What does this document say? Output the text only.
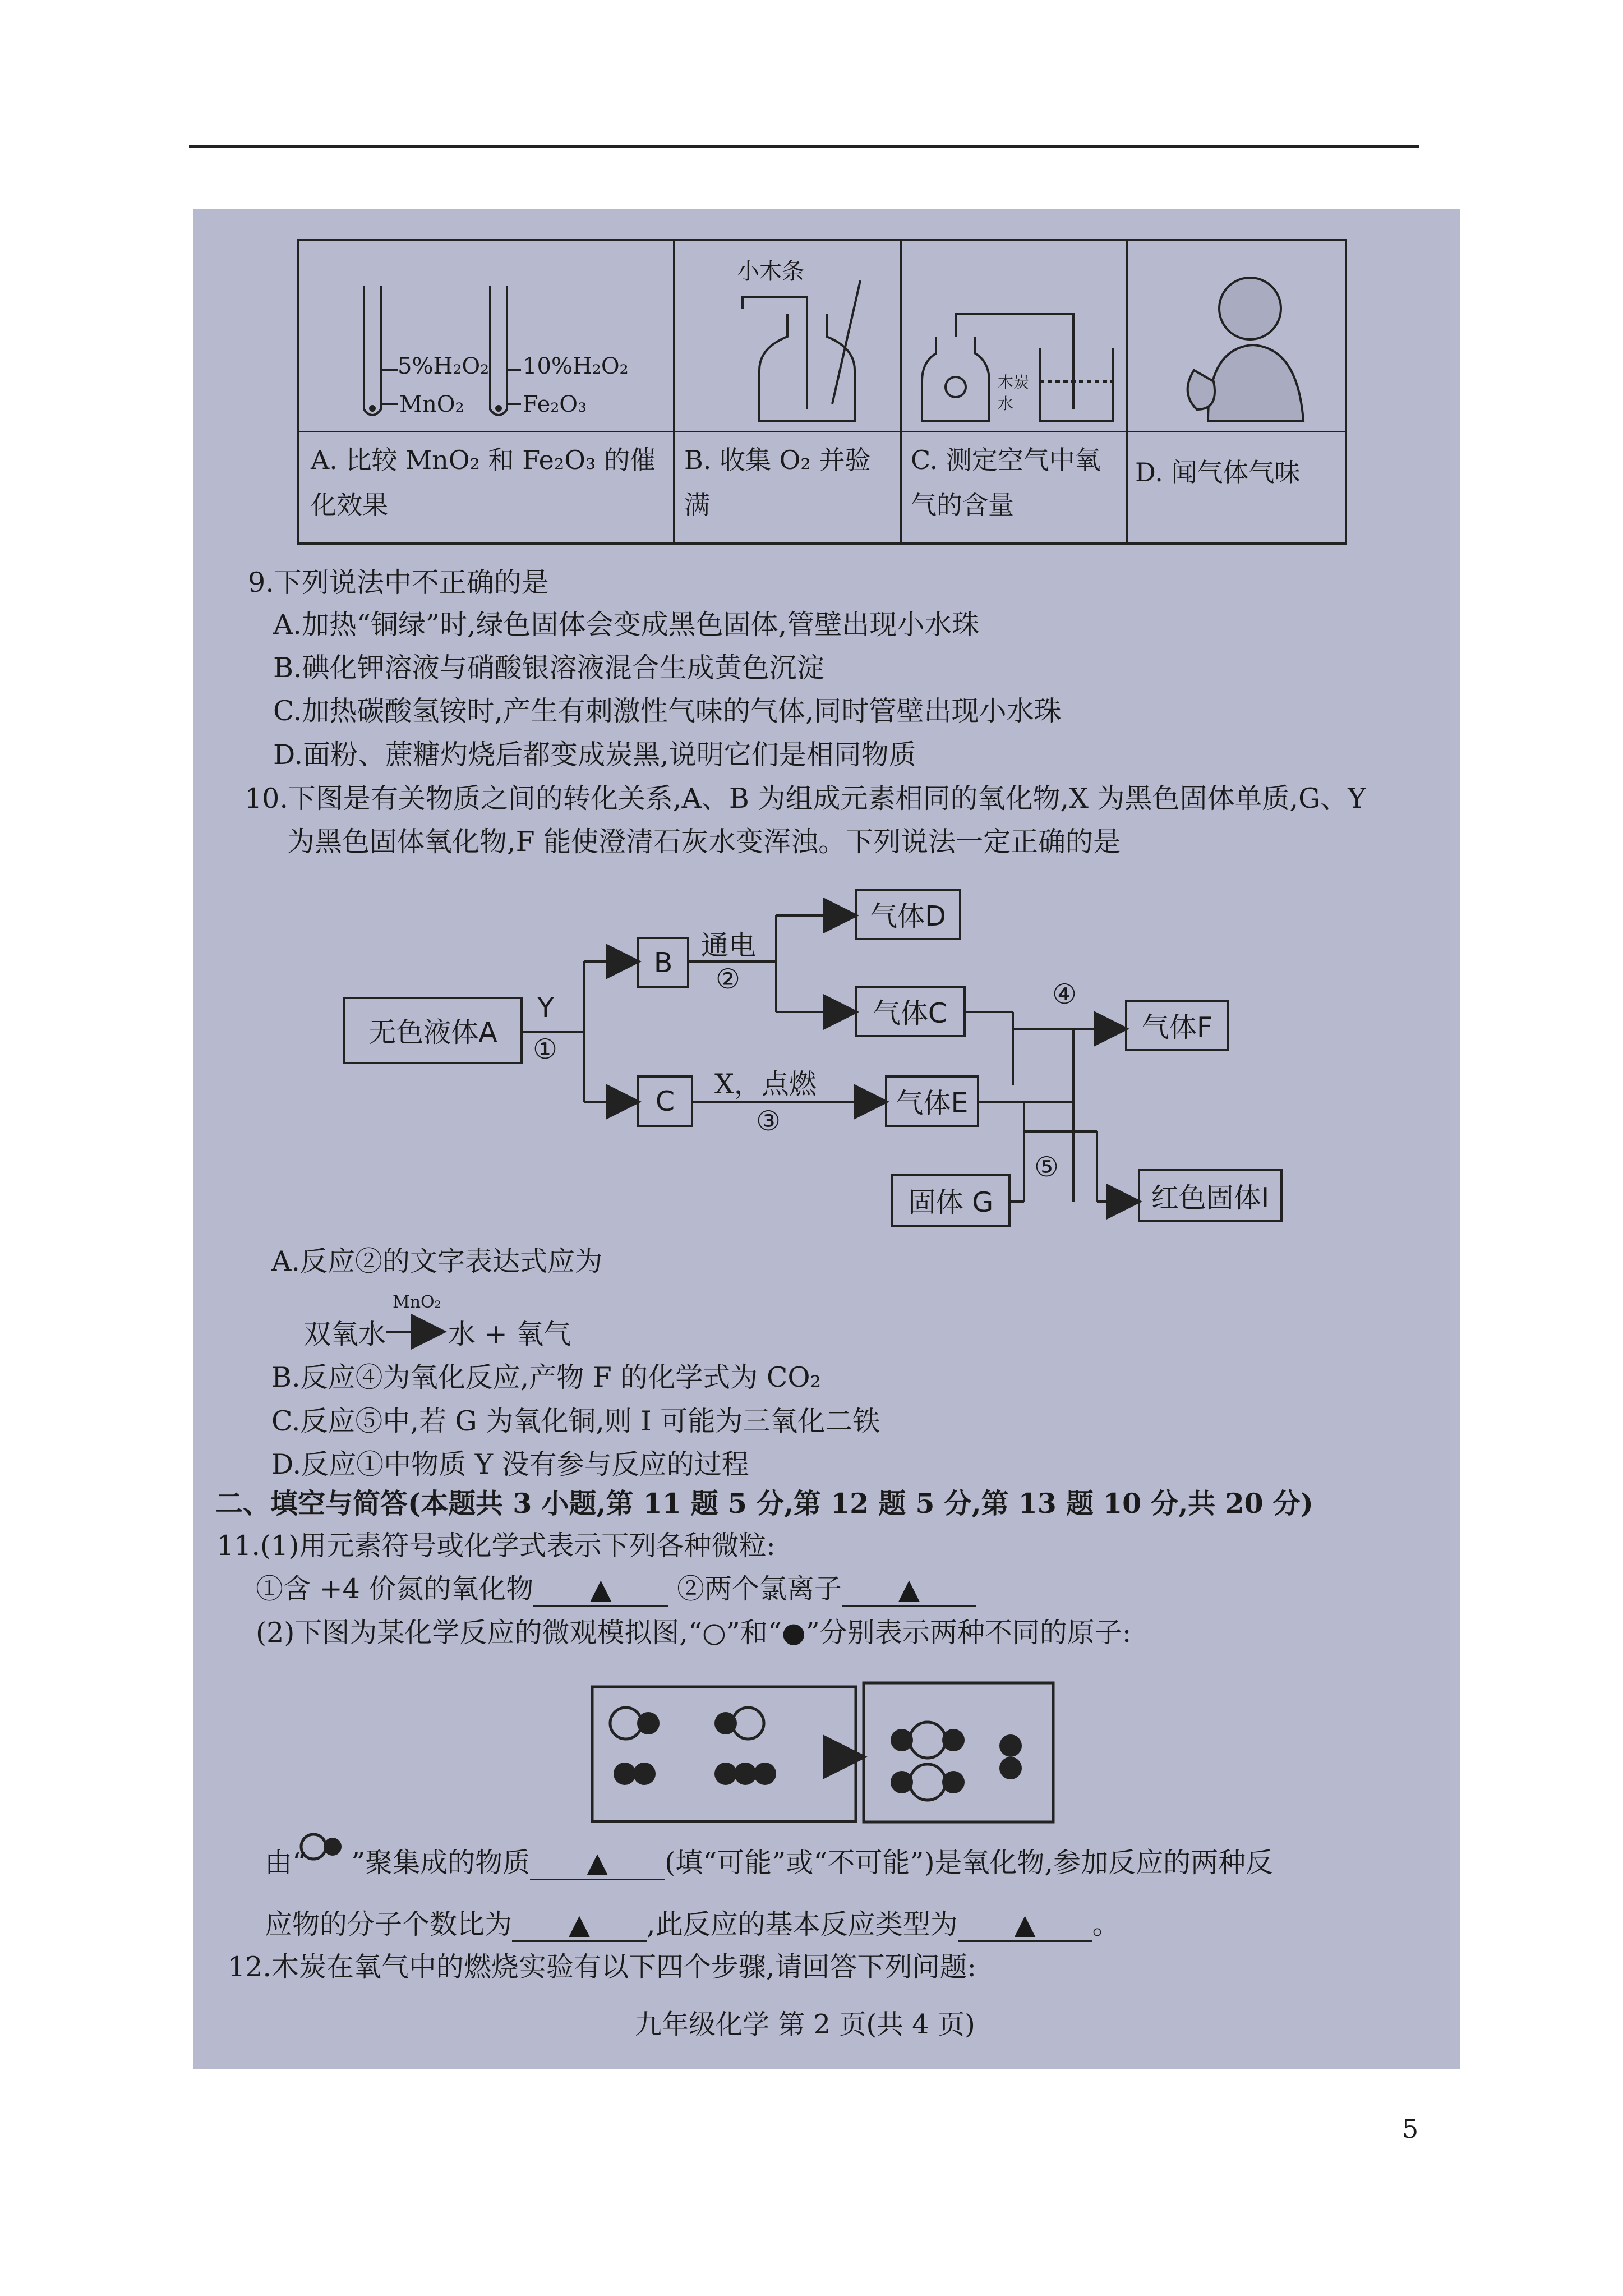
小木条
5%H₂O₂ 10%H₂O₂
MnO₂	Fe₂O₃
木炭
水
A. 比较 MnO₂ 和 Fe₂O₃ 的催化效果
B. 收集 O₂ 并验满
C. 测定空气中氧气的含量
D. 闻气体气味
9.下列说法中不正确的是
A.加热“铜绿”时,绿色固体会变成黑色固体,管壁出现小水珠
B.碘化钾溶液与硝酸银溶液混合生成黄色沉淀
C.加热碳酸氢铵时,产生有刺激性气味的气体,同时管壁出现小水珠
D.面粉、蔗糖灼烧后都变成炭黑,说明它们是相同物质
10.下图是有关物质之间的转化关系,A、B 为组成元素相同的氧化物,X 为黑色固体单质,G、Y
为黑色固体氧化物,F 能使澄清石灰水变浑浊。下列说法一定正确的是
无色液体A
B
C
气体D
气体C
气体E
气体F
固体 G	红色固体I
Y
①
通电
②
X，点燃
③
④
⑤
A.反应②的文字表达式应为
MnO₂
双氧水 水 + 氧气
B.反应④为氧化反应,产物 F 的化学式为 CO₂
C.反应⑤中,若 G 为氧化铜,则 I 可能为三氧化二铁
D.反应①中物质 Y 没有参与反应的过程
二、填空与简答(本题共 3 小题,第 11 题 5 分,第 12 题 5 分,第 13 题 10 分,共 20 分)
11.(1)用元素符号或化学式表示下列各种微粒:
①含 +4 价氮的氧化物 ▲ ②两个氯离子 ▲
(2)下图为某化学反应的微观模拟图,“○”和“●”分别表示两种不同的原子:
由“ ”聚集成的物质 ▲ (填“可能”或“不可能”)是氧化物,参加反应的两种反
应物的分子个数比为 ▲ ,此反应的基本反应类型为 ▲ 。
12.木炭在氧气中的燃烧实验有以下四个步骤,请回答下列问题:
九年级化学 第 2 页(共 4 页)
5
